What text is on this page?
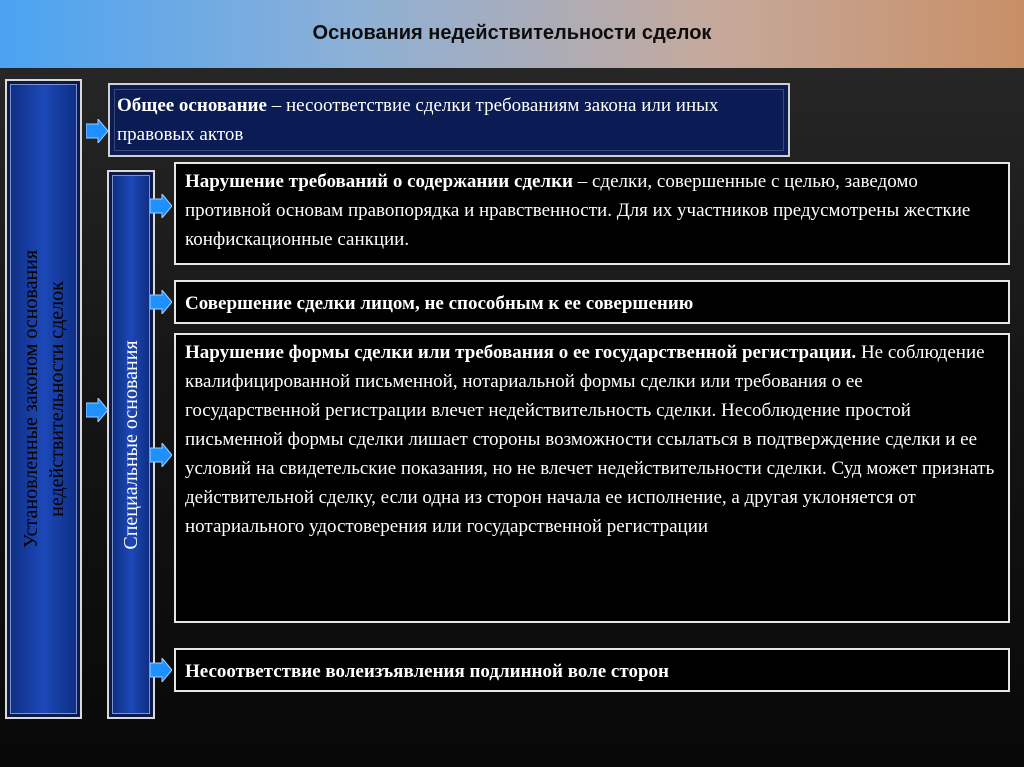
Основания недействительности сделок
Установленные законом основания недействительности сделок	Специальные основания
Общее основание – несоответствие сделки требованиям закона или иных правовых актов
Нарушение требований о содержании сделки – сделки, совершенные с целью, заведомо противной основам правопорядка и нравственности. Для их участников предусмотрены жесткие конфискационные санкции.
Совершение сделки лицом, не способным к ее совершению
Нарушение формы сделки или требования о ее государственной регистрации. Не соблюдение квалифицированной письменной, нотариальной формы сделки или требования о ее государственной регистрации влечет недействительность сделки. Несоблюдение простой письменной формы сделки лишает стороны возможности ссылаться в подтверждение сделки и ее условий на свидетельские показания, но не влечет недействительности сделки. Суд может признать действительной сделку, если одна из сторон начала ее исполнение, а другая уклоняется от нотариального удостоверения или государственной регистрации
Несоответствие волеизъявления подлинной воле сторон
